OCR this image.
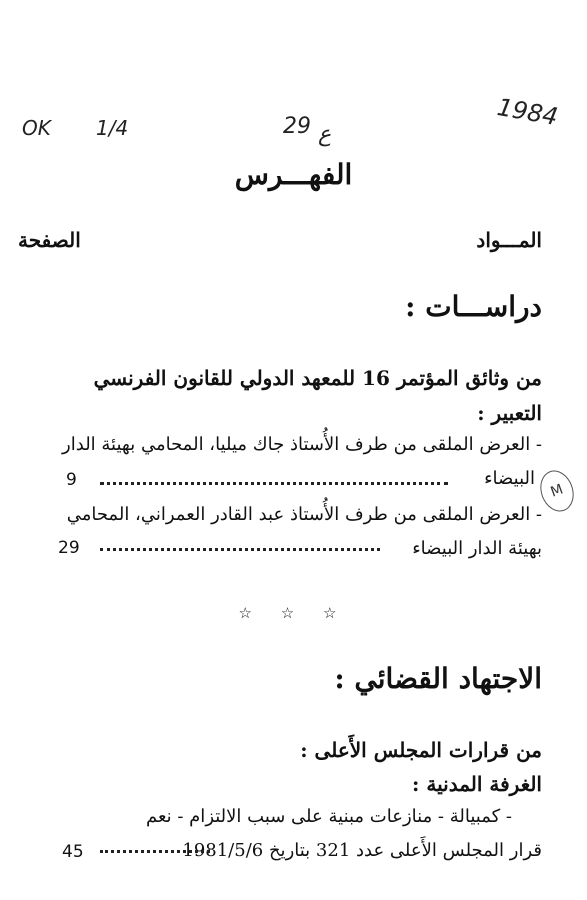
OK 1/4	29 ع
1984
الفهـــرس
المـــواد
الصفحة
دراســـات :
من وثائق المؤتمر 16 للمعهد الدولي للقانون الفرنسي
التعبير :
- العرض الملقى من طرف الأُستاذ جاك ميليا، المحامي بهيئة الدار
البيضاء
9
M
- العرض الملقى من طرف الأُستاذ عبد القادر العمراني، المحامي
بهيئة الدار البيضاء
29
☆ ☆ ☆
الاجتهاد القضائي :
من قرارات المجلس الأَعلى :
الغرفة المدنية :
- كمبيالة - منازعات مبنية على سبب الالتزام - نعم
قرار المجلس الأَعلى عدد 321 بتاريخ 1981/5/6
45
